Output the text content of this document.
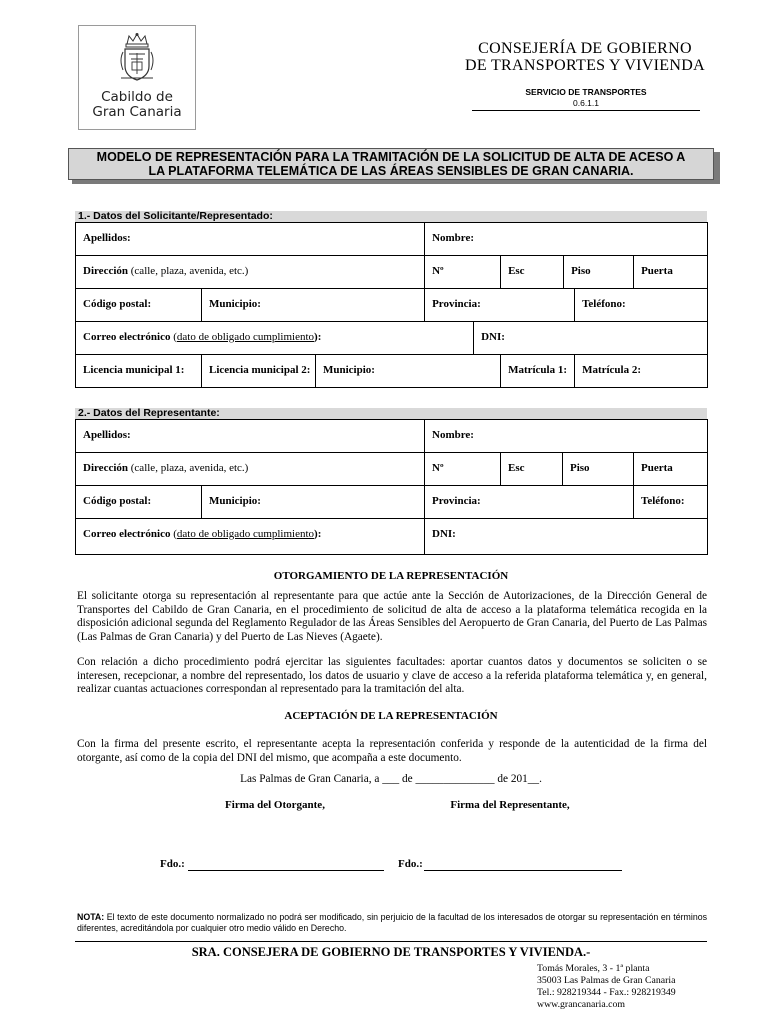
Cabildo de
Gran Canaria
CONSEJERÍA DE GOBIERNO
DE TRANSPORTES Y VIVIENDA
SERVICIO DE TRANSPORTES
0.6.1.1
MODELO DE REPRESENTACIÓN PARA LA TRAMITACIÓN DE LA SOLICITUD DE ALTA DE ACESO A
LA PLATAFORMA TELEMÁTICA DE LAS ÁREAS SENSIBLES DE GRAN CANARIA.
1.- Datos del Solicitante/Representado:
Apellidos:			Nombre:					
Dirección (calle, plaza, avenida, etc.)			Nº		Esc	Piso		Puerta
Código postal:	Municipio:		Provincia:				Teléfono:	
Correo electrónico (dato de obligado cumplimiento):				DNI:				
Licencia municipal 1:	Licencia municipal 2:	Municipio:			Matrícula 1:		Matrícula 2:	
2.- Datos del Representante:
Apellidos:		Nombre:			
Dirección (calle, plaza, avenida, etc.)		Nº	Esc	Piso	Puerta
Código postal:	Municipio:	Provincia:			Teléfono:
Correo electrónico (dato de obligado cumplimiento):		DNI:			
OTORGAMIENTO DE LA REPRESENTACIÓN
El solicitante otorga su representación al representante para que actúe ante la Sección de Autorizaciones, de la Dirección General de Transportes del Cabildo de Gran Canaria, en el procedimiento de solicitud de alta de acceso a la plataforma telemática recogida en la disposición adicional segunda del Reglamento Regulador de las Áreas Sensibles del Aeropuerto de Gran Canaria, del Puerto de Las Palmas (Las Palmas de Gran Canaria) y del Puerto de Las Nieves (Agaete).
Con relación a dicho procedimiento podrá ejercitar las siguientes facultades: aportar cuantos datos y documentos se soliciten o se interesen, recepcionar, a nombre del representado, los datos de usuario y clave de acceso a la referida plataforma telemática y, en general, realizar cuantas actuaciones correspondan al representado para la tramitación del alta.
ACEPTACIÓN DE LA REPRESENTACIÓN
Con la firma del presente escrito, el representante acepta la representación conferida y responde de la autenticidad de la firma del otorgante, así como de la copia del DNI del mismo, que acompaña a este documento.
Las Palmas de Gran Canaria, a ___ de ______________ de 201__.
Firma del Otorgante,	Firma del Representante,
Fdo.:	Fdo.:
NOTA: El texto de este documento normalizado no podrá ser modificado, sin perjuicio de la facultad de los interesados de otorgar su representación en términos diferentes, acreditándola por cualquier otro medio válido en Derecho.
SRA. CONSEJERA DE GOBIERNO DE TRANSPORTES Y VIVIENDA.-
Tomás Morales, 3 - 1ª planta
35003 Las Palmas de Gran Canaria
Tel.: 928219344 - Fax.: 928219349
www.grancanaria.com
